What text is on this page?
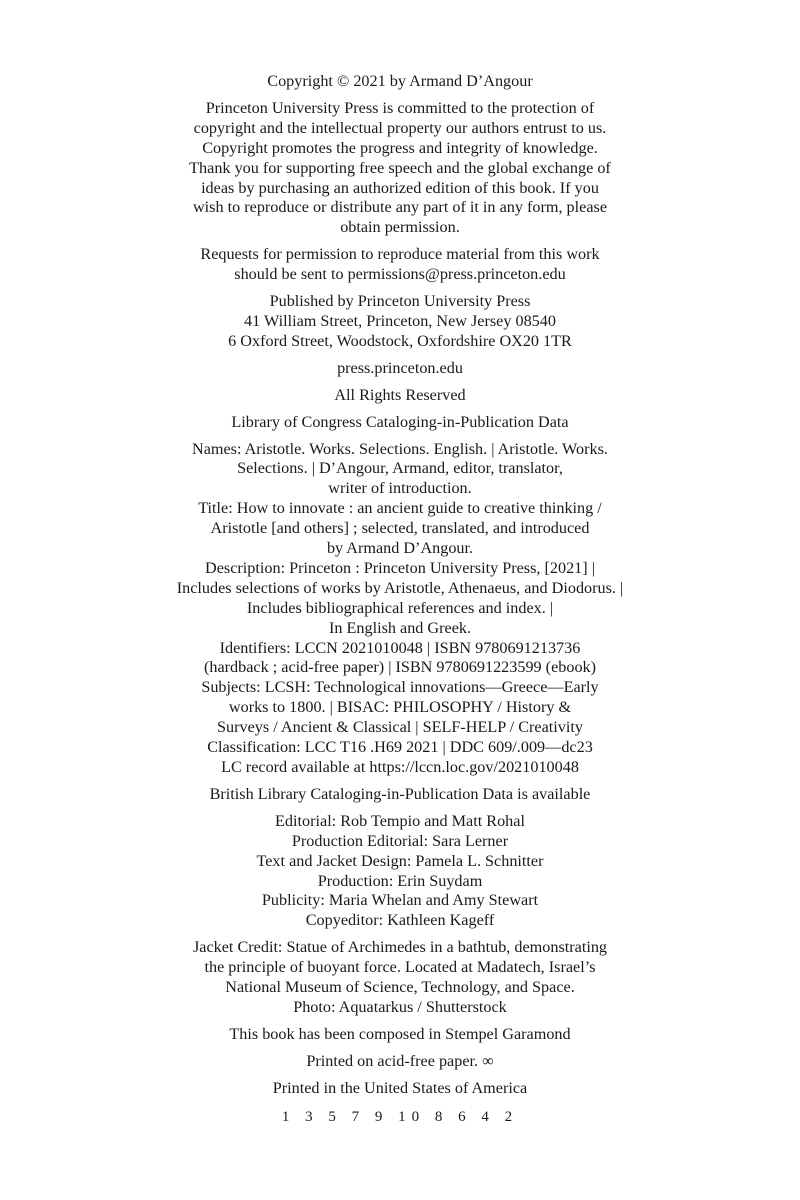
Copyright © 2021 by Armand D’Angour

Princeton University Press is committed to the protection of

copyright and the intellectual property our authors entrust to us.

Copyright promotes the progress and integrity of knowledge.

Thank you for supporting free speech and the global exchange of

ideas by purchasing an authorized edition of this book. If you

wish to reproduce or distribute any part of it in any form, please

obtain permission.

Requests for permission to reproduce material from this work

should be sent to permissions@press.princeton.edu

Published by Princeton University Press

41 William Street, Princeton, New Jersey 08540

6 Oxford Street, Woodstock, Oxfordshire OX20 1TR

press.princeton.edu

All Rights Reserved

Library of Congress Cataloging-in-Publication Data

Names: Aristotle. Works. Selections. English. | Aristotle. Works.

Selections. | D’Angour, Armand, editor, translator,

writer of introduction.

Title: How to innovate : an ancient guide to creative thinking /

Aristotle [and others] ; selected, translated, and introduced

by Armand D’Angour.

Description: Princeton : Princeton University Press, [2021] |

Includes selections of works by Aristotle, Athenaeus, and Diodorus. |

Includes bibliographical references and index. |

In English and Greek.

Identifiers: LCCN 2021010048 | ISBN 9780691213736

(hardback ; acid-free paper) | ISBN 9780691223599 (ebook)

Subjects: LCSH: Technological innovations—Greece—Early

works to 1800. | BISAC: PHILOSOPHY / History &

Surveys / Ancient & Classical | SELF-HELP / Creativity

Classification: LCC T16 .H69 2021 | DDC 609/.009—dc23

LC record available at https://lccn.loc.gov/2021010048

British Library Cataloging-in-Publication Data is available

Editorial: Rob Tempio and Matt Rohal

Production Editorial: Sara Lerner

Text and Jacket Design: Pamela L. Schnitter

Production: Erin Suydam

Publicity: Maria Whelan and Amy Stewart

Copyeditor: Kathleen Kageff

Jacket Credit: Statue of Archimedes in a bathtub, demonstrating

the principle of buoyant force. Located at Madatech, Israel’s

National Museum of Science, Technology, and Space.

Photo: Aquatarkus / Shutterstock

This book has been composed in Stempel Garamond

Printed on acid-free paper. ∞

Printed in the United States of America

1 3 5 7 9 10 8 6 4 2
